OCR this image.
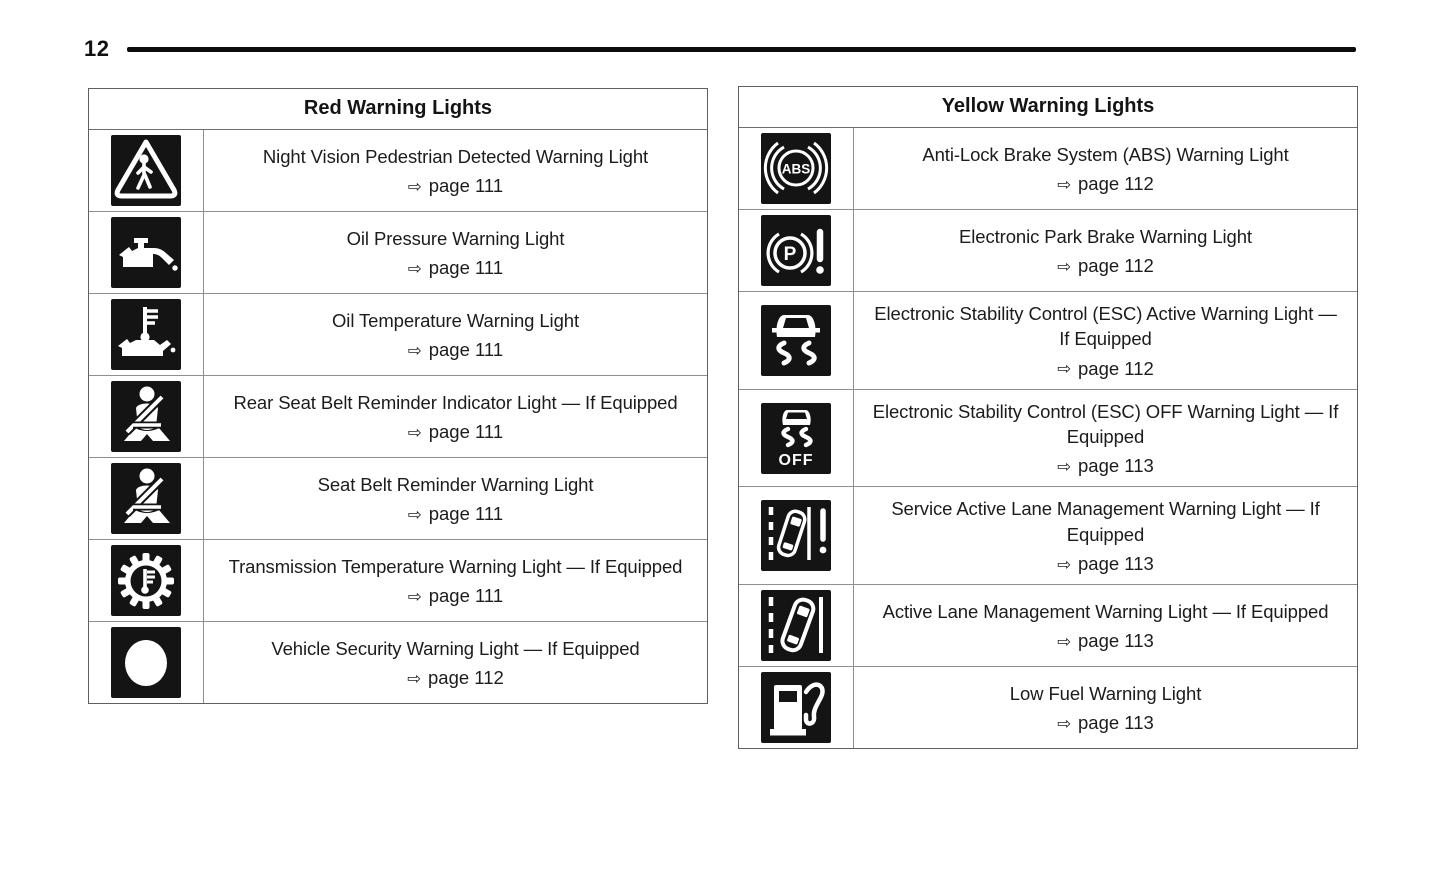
12
Red Warning Lights
Night Vision Pedestrian Detected Warning Light
⇨ page 111
Oil Pressure Warning Light
⇨ page 111
Oil Temperature Warning Light
⇨ page 111
Rear Seat Belt Reminder Indicator Light — If Equipped
⇨ page 111
Seat Belt Reminder Warning Light
⇨ page 111
Transmission Temperature Warning Light — If Equipped
⇨ page 111
Vehicle Security Warning Light — If Equipped
⇨ page 112
Yellow Warning Lights
ABS
Anti-Lock Brake System (ABS) Warning Light
⇨ page 112
P
Electronic Park Brake Warning Light
⇨ page 112
Electronic Stability Control (ESC) Active Warning Light — If Equipped
⇨ page 112
OFF
Electronic Stability Control (ESC) OFF Warning Light — If Equipped
⇨ page 113
Service Active Lane Management Warning Light — If Equipped
⇨ page 113
Active Lane Management Warning Light — If Equipped
⇨ page 113
Low Fuel Warning Light
⇨ page 113
